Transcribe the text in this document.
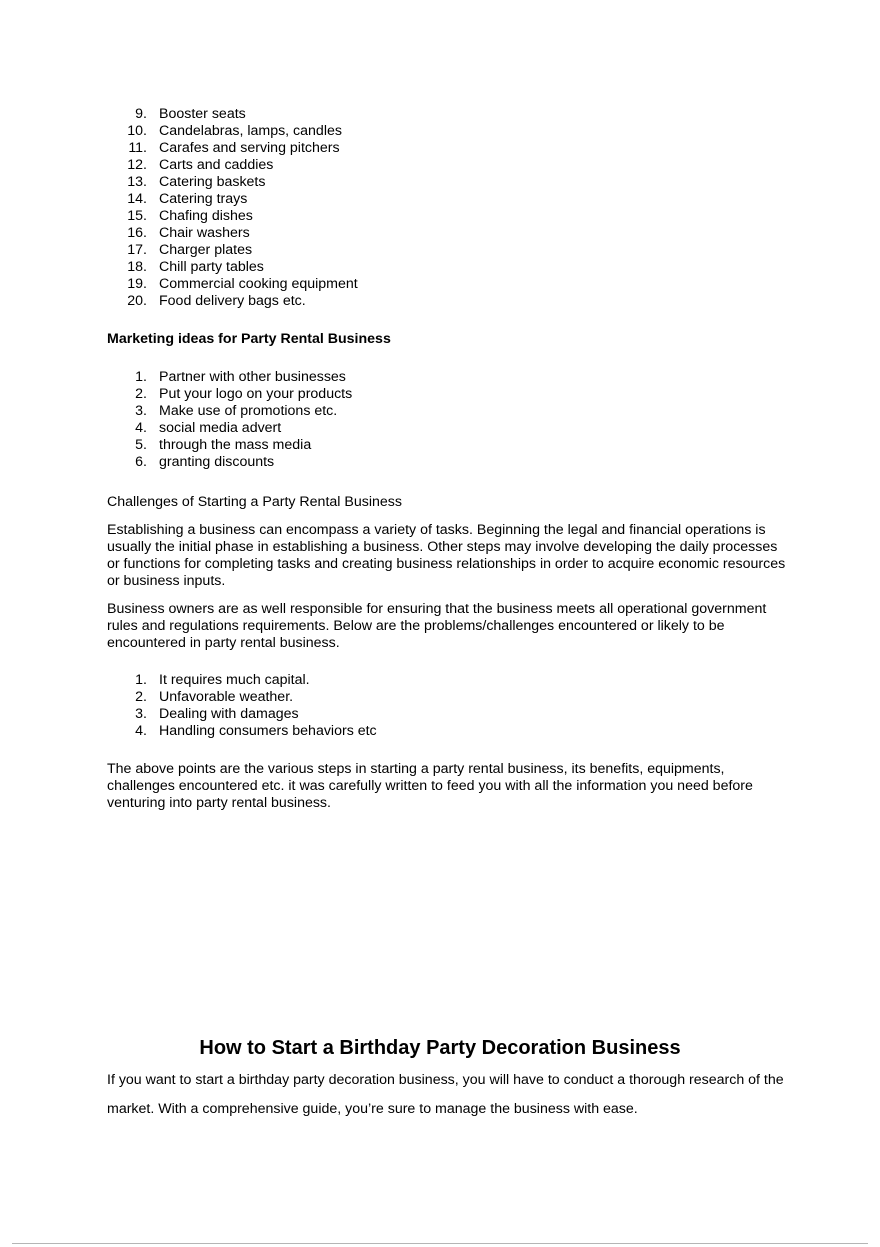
9. Booster seats
10. Candelabras, lamps, candles
11. Carafes and serving pitchers
12. Carts and caddies
13. Catering baskets
14. Catering trays
15. Chafing dishes
16. Chair washers
17. Charger plates
18. Chill party tables
19. Commercial cooking equipment
20. Food delivery bags etc.
Marketing ideas for Party Rental Business
1. Partner with other businesses
2. Put your logo on your products
3. Make use of promotions etc.
4. social media advert
5. through the mass media
6. granting discounts
Challenges of Starting a Party Rental Business

Establishing a business can encompass a variety of tasks. Beginning the legal and financial operations is usually the initial phase in establishing a business. Other steps may involve developing the daily processes or functions for completing tasks and creating business relationships in order to acquire economic resources or business inputs.

Business owners are as well responsible for ensuring that the business meets all operational government rules and regulations requirements. Below are the problems/challenges encountered or likely to be encountered in party rental business.

1. It requires much capital.
2. Unfavorable weather.
3. Dealing with damages
4. Handling consumers behaviors etc

The above points are the various steps in starting a party rental business, its benefits, equipments, challenges encountered etc. it was carefully written to feed you with all the information you need before venturing into party rental business.

How to Start a Birthday Party Decoration Business

If you want to start a birthday party decoration business, you will have to conduct a thorough research of the market. With a comprehensive guide, you’re sure to manage the business with ease.
